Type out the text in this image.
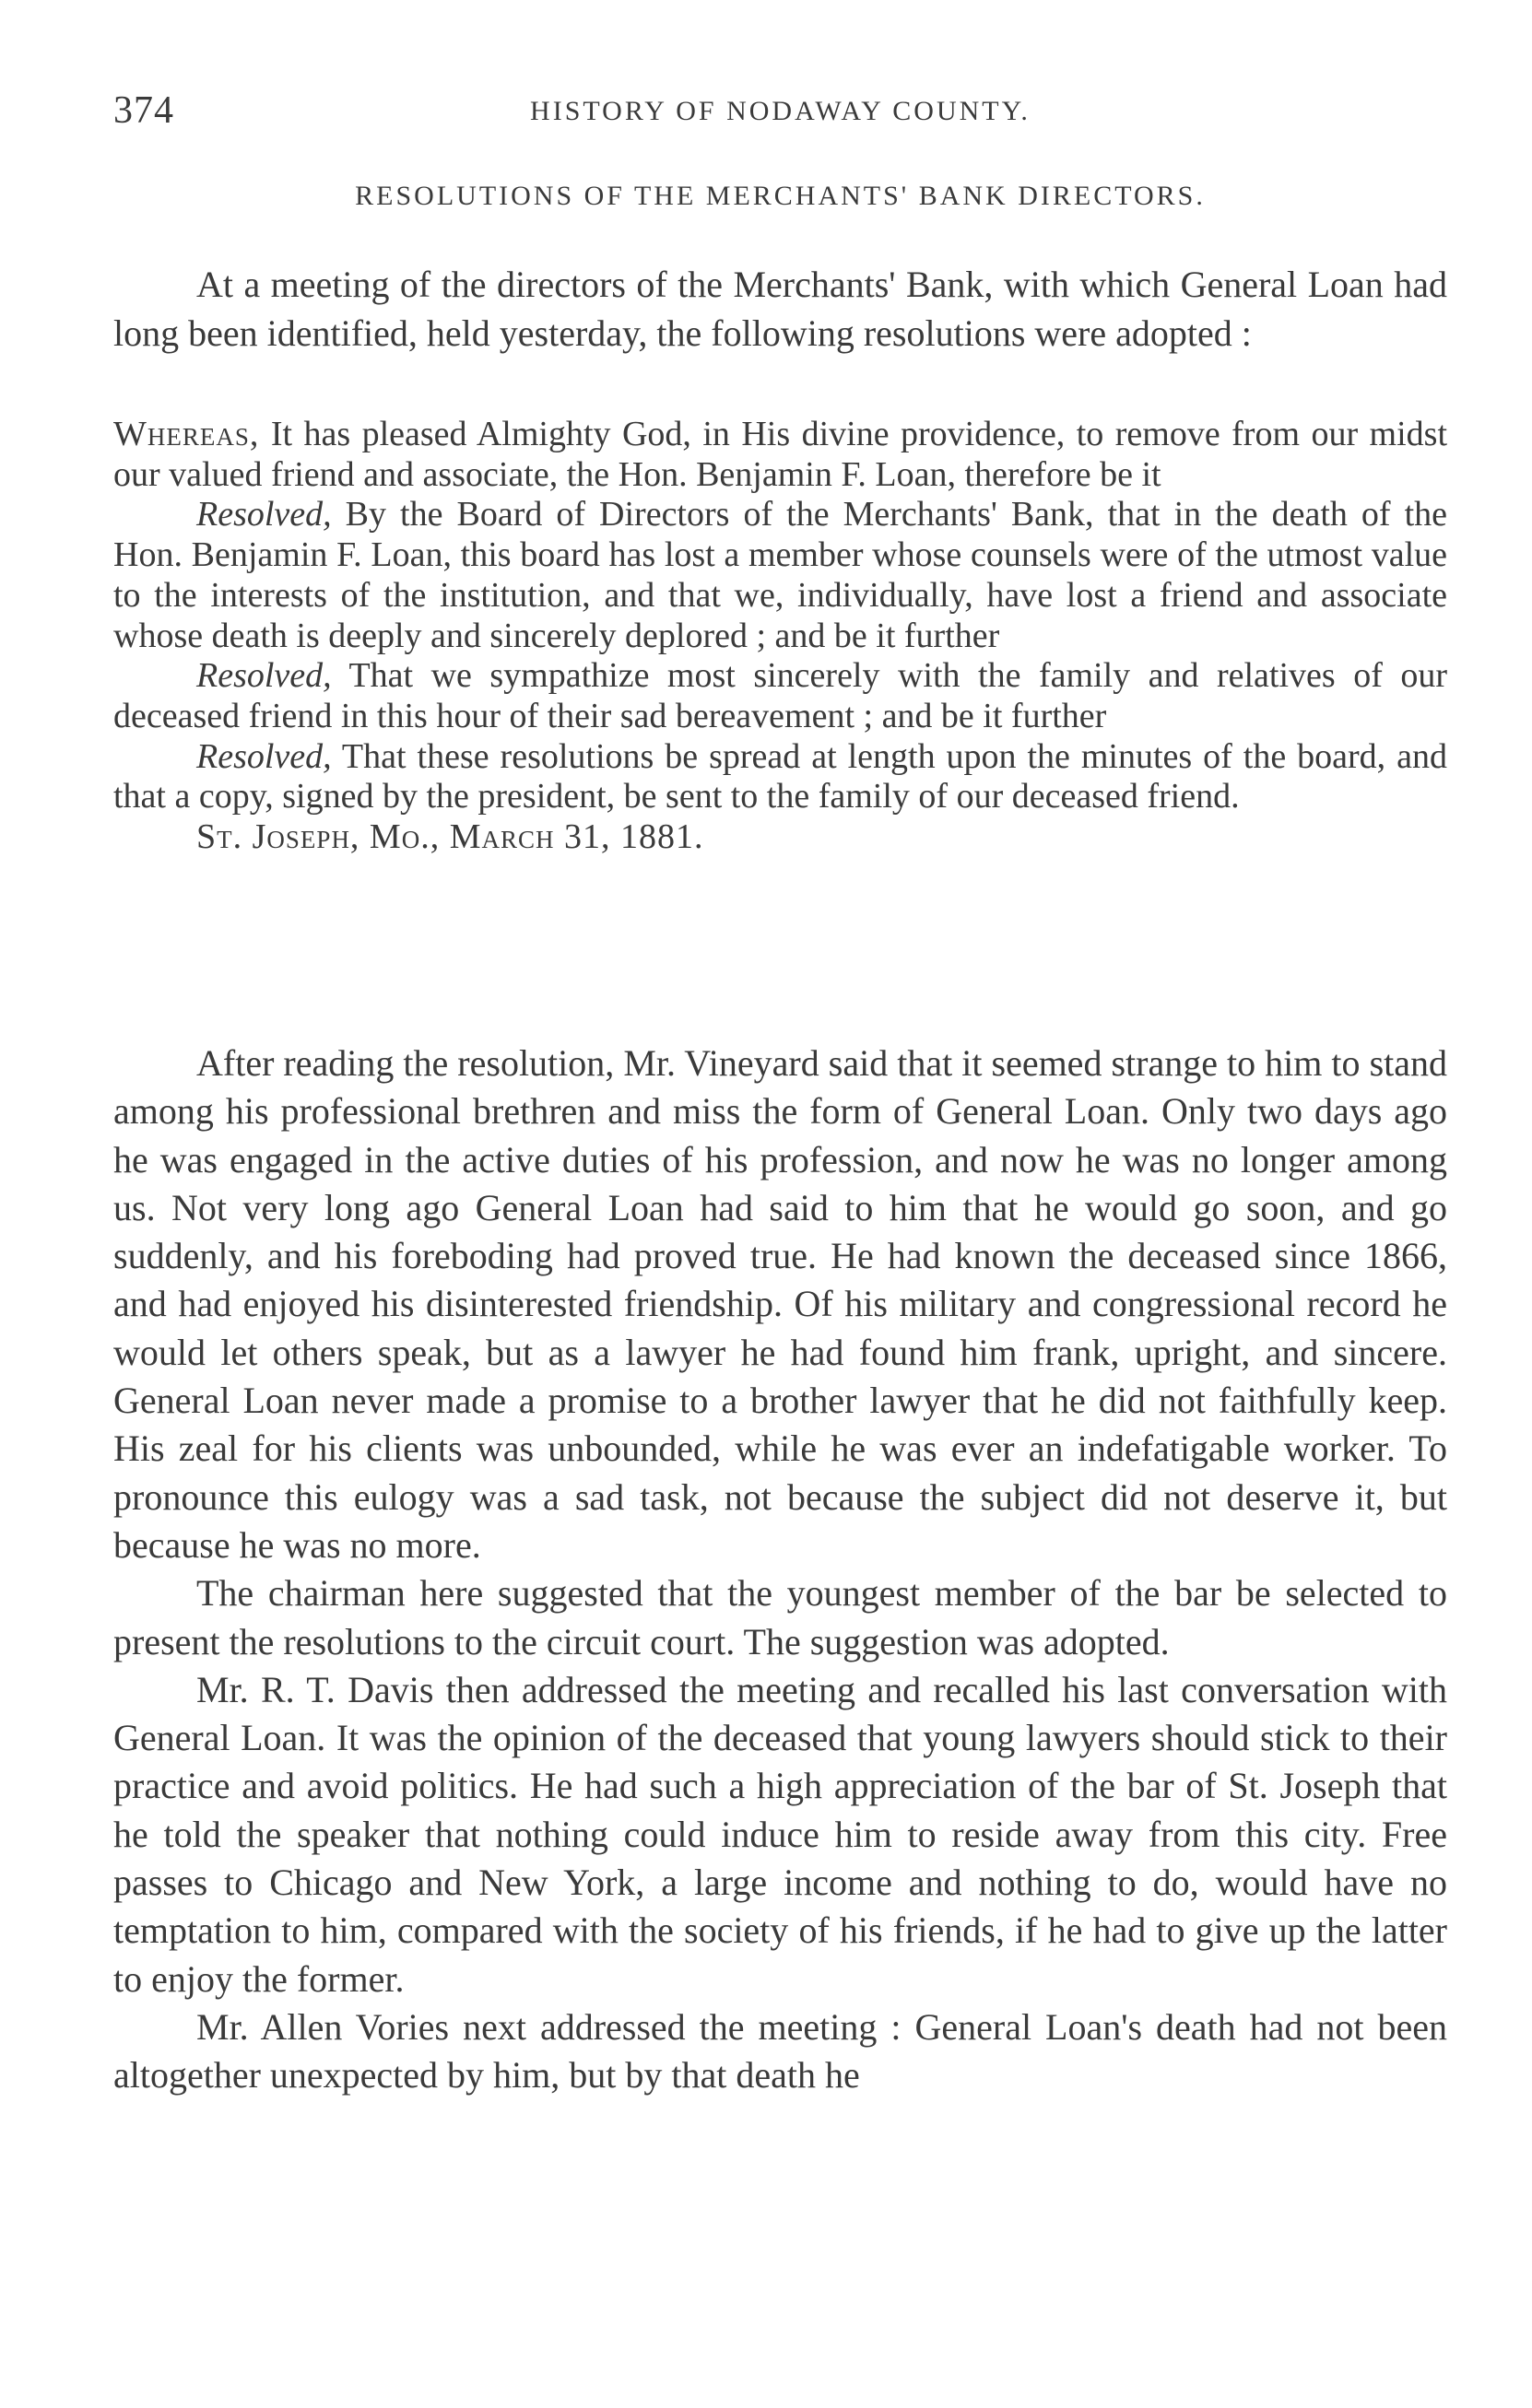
374	HISTORY OF NODAWAY COUNTY.
RESOLUTIONS OF THE MERCHANTS' BANK DIRECTORS.

At a meeting of the directors of the Merchants' Bank, with which General Loan had long been identified, held yesterday, the following resolutions were adopted :

Whereas, It has pleased Almighty God, in His divine providence, to remove from our midst our valued friend and associate, the Hon. Benjamin F. Loan, therefore be it

Resolved, By the Board of Directors of the Merchants' Bank, that in the death of the Hon. Benjamin F. Loan, this board has lost a member whose counsels were of the utmost value to the interests of the institution, and that we, individually, have lost a friend and associate whose death is deeply and sincerely deplored ; and be it further

Resolved, That we sympathize most sincerely with the family and relatives of our deceased friend in this hour of their sad bereavement ; and be it further

Resolved, That these resolutions be spread at length upon the minutes of the board, and that a copy, signed by the president, be sent to the family of our deceased friend.

St. Joseph, Mo., March 31, 1881.

After reading the resolution, Mr. Vineyard said that it seemed strange to him to stand among his professional brethren and miss the form of General Loan. Only two days ago he was engaged in the active duties of his profession, and now he was no longer among us. Not very long ago General Loan had said to him that he would go soon, and go suddenly, and his foreboding had proved true. He had known the deceased since 1866, and had enjoyed his disinterested friendship. Of his military and congressional record he would let others speak, but as a lawyer he had found him frank, upright, and sincere. General Loan never made a promise to a brother lawyer that he did not faithfully keep. His zeal for his clients was unbounded, while he was ever an indefatigable worker. To pronounce this eulogy was a sad task, not because the subject did not deserve it, but because he was no more.

The chairman here suggested that the youngest member of the bar be selected to present the resolutions to the circuit court. The suggestion was adopted.

Mr. R. T. Davis then addressed the meeting and recalled his last conversation with General Loan. It was the opinion of the deceased that young lawyers should stick to their practice and avoid politics. He had such a high appreciation of the bar of St. Joseph that he told the speaker that nothing could induce him to reside away from this city. Free passes to Chicago and New York, a large income and nothing to do, would have no temptation to him, compared with the society of his friends, if he had to give up the latter to enjoy the former.

Mr. Allen Vories next addressed the meeting : General Loan's death had not been altogether unexpected by him, but by that death he
